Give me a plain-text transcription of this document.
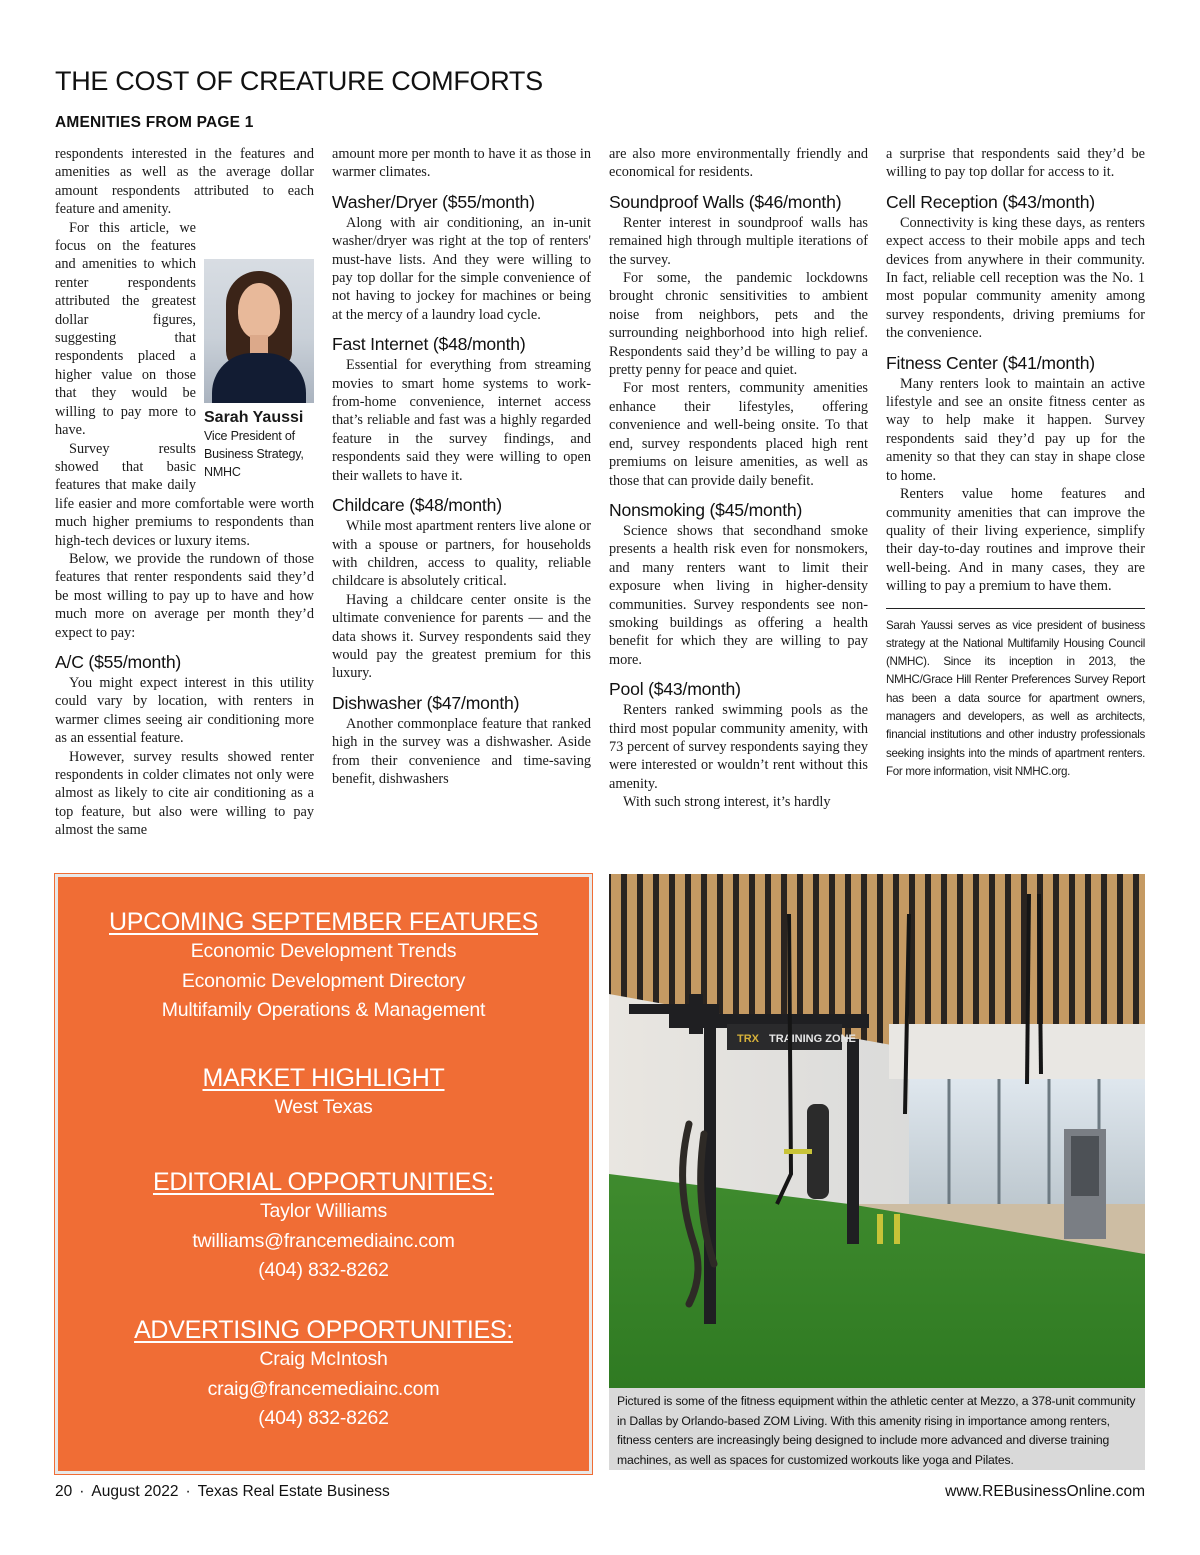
THE COST OF CREATURE COMFORTS
AMENITIES FROM PAGE 1

respondents interested in the features and amenities as well as the average dollar amount respondents attributed to each feature and amenity.

Sarah Yaussi
Vice President of Business Strategy, NMHC
For this article, we focus on the features and amenities to which renter respondents attributed the greatest dollar figures, suggesting that respondents placed a higher value on those that they would be willing to pay more to have.

Survey results showed that basic features that make daily life easier and more comfortable were worth much higher premiums to respondents than high-tech devices or luxury items.

Below, we provide the rundown of those features that renter respondents said they’d be most willing to pay up to have and how much more on average per month they’d expect to pay:

A/C ($55/month)

You might expect interest in this utility could vary by location, with renters in warmer climes seeing air conditioning more as an essential feature.

However, survey results showed renter respondents in colder climates not only were almost as likely to cite air conditioning as a top feature, but also were willing to pay almost the same

amount more per month to have it as those in warmer climates.

Washer/Dryer ($55/month)

Along with air conditioning, an in-unit washer/dryer was right at the top of renters' must-have lists. And they were willing to pay top dollar for the simple convenience of not having to jockey for machines or being at the mercy of a laundry load cycle.

Fast Internet ($48/month)

Essential for everything from streaming movies to smart home systems to work-from-home convenience, internet access that’s reliable and fast was a highly regarded feature in the survey findings, and respondents said they were willing to open their wallets to have it.

Childcare ($48/month)

While most apartment renters live alone or with a spouse or partners, for households with children, access to quality, reliable childcare is absolutely critical.

Having a childcare center onsite is the ultimate convenience for parents — and the data shows it. Survey respondents said they would pay the greatest premium for this luxury.

Dishwasher ($47/month)

Another commonplace feature that ranked high in the survey was a dishwasher. Aside from their convenience and time-saving benefit, dishwashers

are also more environmentally friendly and economical for residents.

Soundproof Walls ($46/month)

Renter interest in soundproof walls has remained high through multiple iterations of the survey.

For some, the pandemic lockdowns brought chronic sensitivities to ambient noise from neighbors, pets and the surrounding neighborhood into high relief. Respondents said they’d be willing to pay a pretty penny for peace and quiet.

For most renters, community amenities enhance their lifestyles, offering convenience and well-being onsite. To that end, survey respondents placed high rent premiums on leisure amenities, as well as those that can provide daily benefit.

Nonsmoking ($45/month)

Science shows that secondhand smoke presents a health risk even for nonsmokers, and many renters want to limit their exposure when living in higher-density communities. Survey respondents see non-smoking buildings as offering a health benefit for which they are willing to pay more.

Pool ($43/month)

Renters ranked swimming pools as the third most popular community amenity, with 73 percent of survey respondents saying they were interested or wouldn’t rent without this amenity.

With such strong interest, it’s hardly

a surprise that respondents said they’d be willing to pay top dollar for access to it.

Cell Reception ($43/month)

Connectivity is king these days, as renters expect access to their mobile apps and tech devices from anywhere in their community. In fact, reliable cell reception was the No. 1 most popular community amenity among survey respondents, driving premiums for the convenience.

Fitness Center ($41/month)

Many renters look to maintain an active lifestyle and see an onsite fitness center as way to help make it happen. Survey respondents said they’d pay up for the amenity so that they can stay in shape close to home.

Renters value home features and community amenities that can improve the quality of their living experience, simplify their day-to-day routines and improve their well-being. And in many cases, they are willing to pay a premium to have them.

Sarah Yaussi serves as vice president of business strategy at the National Multifamily Housing Council (NMHC). Since its inception in 2013, the NMHC/Grace Hill Renter Preferences Survey Report has been a data source for apartment owners, managers and developers, as well as architects, financial institutions and other industry professionals seeking insights into the minds of apartment renters. For more information, visit NMHC.org.

UPCOMING SEPTEMBER FEATURES
Economic Development Trends
Economic Development Directory
Multifamily Operations & Management
MARKET HIGHLIGHT
West Texas
EDITORIAL OPPORTUNITIES:
Taylor Williams
twilliams@francemediainc.com
(404) 832-8262
ADVERTISING OPPORTUNITIES:
Craig McIntosh
craig@francemediainc.com
(404) 832-8262
TRX TRAINING ZONE

Pictured is some of the fitness equipment within the athletic center at Mezzo, a 378-unit community in Dallas by Orlando-based ZOM Living. With this amenity rising in importance among renters, fitness centers are increasingly being designed to include more advanced and diverse training machines, as well as spaces for customized workouts like yoga and Pilates.

20 · August 2022 · Texas Real Estate Business	www.REBusinessOnline.com
